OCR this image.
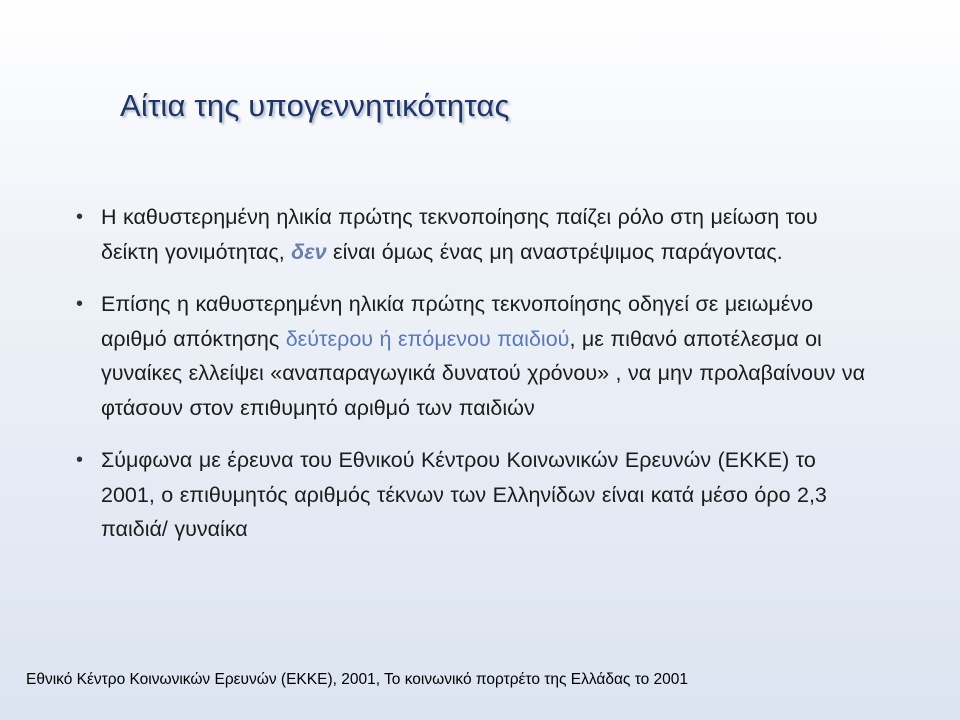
Αίτια της υπογεννητικότητας
• Η καθυστερημένη ηλικία πρώτης τεκνοποίησης παίζει ρόλο στη μείωση του δείκτη γονιμότητας, δεν είναι όμως ένας μη αναστρέψιμος παράγοντας.
• Επίσης η καθυστερημένη ηλικία πρώτης τεκνοποίησης οδηγεί σε μειωμένο αριθμό απόκτησης δεύτερου ή επόμενου παιδιού, με πιθανό αποτέλεσμα οι γυναίκες ελλείψει «αναπαραγωγικά δυνατού χρόνου» , να μην προλαβαίνουν να φτάσουν στον επιθυμητό αριθμό των παιδιών
• Σύμφωνα με έρευνα του Εθνικού Κέντρου Κοινωνικών Ερευνών (ΕΚΚΕ) το 2001, ο επιθυμητός αριθμός τέκνων των Ελληνίδων είναι κατά μέσο όρο 2,3 παιδιά/ γυναίκα
Εθνικό Κέντρο Κοινωνικών Ερευνών (ΕΚΚΕ), 2001, Το κοινωνικό πορτρέτο της Ελλάδας το 2001
